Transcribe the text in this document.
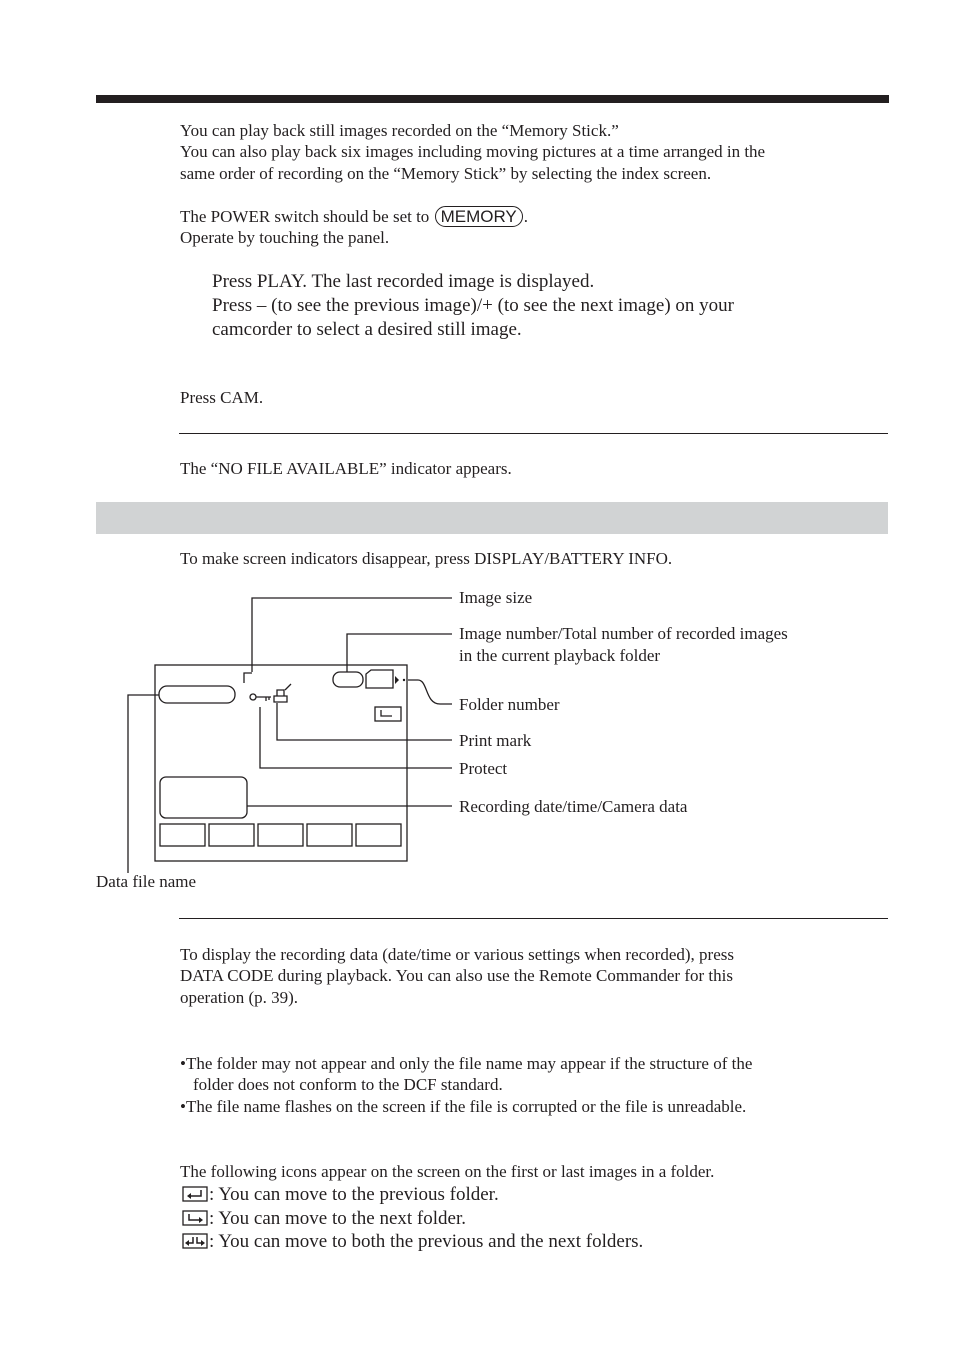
You can play back still images recorded on the “Memory Stick.”
You can also play back six images including moving pictures at a time arranged in the
same order of recording on the “Memory Stick” by selecting the index screen.
The POWER switch should be set to MEMORY .
Operate by touching the panel.
Press PLAY. The last recorded image is displayed.
Press – (to see the previous image)/+ (to see the next image) on your
camcorder to select a desired still image.
Press CAM.
The “NO FILE AVAILABLE” indicator appears.
To make screen indicators disappear, press DISPLAY/BATTERY INFO.
Image size
Image number/Total number of recorded images
in the current playback folder
Folder number
Print mark
Protect
Recording date/time/Camera data
Data file name
To display the recording data (date/time or various settings when recorded), press
DATA CODE during playback. You can also use the Remote Commander for this
operation (p. 39).
•The folder may not appear and only the file name may appear if the structure of the
folder does not conform to the DCF standard.
•The file name flashes on the screen if the file is corrupted or the file is unreadable.
The following icons appear on the screen on the first or last images in a folder.
: You can move to the previous folder.
: You can move to the next folder.
: You can move to both the previous and the next folders.
